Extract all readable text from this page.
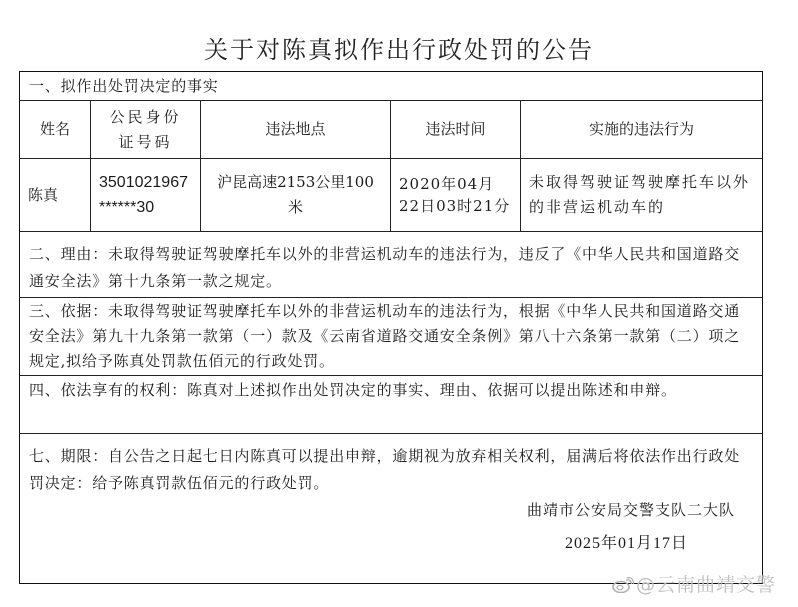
关于对陈真拟作出行政处罚的公告
一、拟作出处罚决定的事实
姓名
公民身份证号码
违法地点	违法时间	实施的违法行为
陈真
3501021967******30
沪昆高速2153公里100米
2020年04月22日03时21分
未取得驾驶证驾驶摩托车以外的非营运机动车的
二、理由：未取得驾驶证驾驶摩托车以外的非营运机动车的违法行为，违反了《中华人民共和国道路交通安全法》第十九条第一款之规定。
三、依据：未取得驾驶证驾驶摩托车以外的非营运机动车的违法行为，根据《中华人民共和国道路交通安全法》第九十九条第一款第（一）款及《云南省道路交通安全条例》第八十六条第一款第（二）项之规定,拟给予陈真处罚款伍佰元的行政处罚。
四、依法享有的权利：陈真对上述拟作出处罚决定的事实、理由、依据可以提出陈述和申辩。
七、期限：自公告之日起七日内陈真可以提出申辩，逾期视为放弃相关权利，届满后将依法作出行政处罚决定：给予陈真罚款伍佰元的行政处罚。
曲靖市公安局交警支队二大队
2025年01月17日
@云南曲靖交警
